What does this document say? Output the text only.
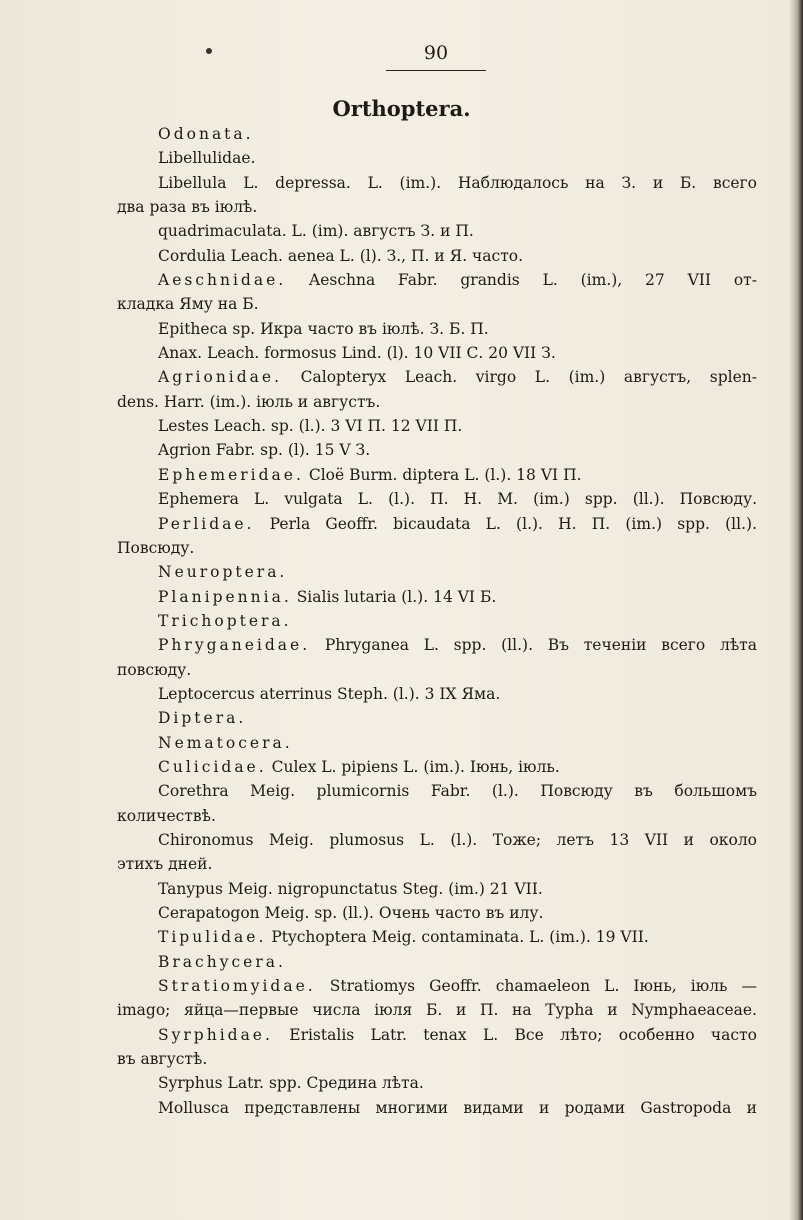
90
Orthoptera.
Odonata.
Libellulidae.
Libellula L. depressa. L. (im.). Наблюдалось на З. и Б. всего
два раза въ iюлѣ.
quadrimaculata. L. (im). августъ З. и П.
Corduliа Leach. aenea L. (l). З., П. и Я. часто.
Aeschnidae. Aeschna Fabr. grandis L. (im.), 27 VII от-
кладка Яму на Б.
Epitheca sp. Икра часто въ iюлѣ. З. Б. П.
Anax. Leach. formosus Lind. (l). 10 VII С. 20 VII З.
Agrionidae. Calopteryx Leach. virgo L. (im.) августъ, splen-
dens. Harr. (im.). iюль и августъ.
Lestes Leach. sp. (l.). 3 VI П. 12 VII П.
Agrion Fabr. sp. (l). 15 V З.
Ephemeridae. Cloë Burm. diptera L. (l.). 18 VI П.
Ephemera L. vulgata L. (l.). П. Н. М. (im.) spp. (ll.). Повсюду.
Perlidae. Perla Geoffr. bicaudata L. (l.). Н. П. (im.) spp. (ll.).
Повсюду.
Neuroptera.
Planipennia. Sialis lutaria (l.). 14 VI Б.
Trichoptera.
Phryganeidae. Phryganea L. spp. (ll.). Въ теченiи всего лѣта
повсюду.
Leptocercus aterrinus Steph. (l.). 3 IX Яма.
Diptera.
Nematocera.
Culicidae. Culex L. pipiens L. (im.). Iюнь, iюль.
Corethra Meig. plumicornis Fabr. (l.). Повсюду въ большомъ
количествѣ.
Chironomus Meig. plumosus L. (l.). Тоже; летъ 13 VII и около
этихъ дней.
Tanypus Meig. nigropunctatus Steg. (im.) 21 VII.
Ceraрatogon Meig. sp. (ll.). Очень часто въ илу.
Tipulidae. Ptychoptera Meig. contaminata. L. (im.). 19 VII.
Brachycera.
Stratiomyidae. Stratiomys Geoffr. chamaeleon L. Iюнь, iюль —
imago; яйца—первые числа iюля Б. и П. на Typha и Nymphaeaceae.
Syrphidae. Eristalis Latr. tenax L. Все лѣто; особенно часто
въ августѣ.
Syrphus Latr. spp. Средина лѣта.
Mollusca представлены многими видами и родами Gastropoda и
